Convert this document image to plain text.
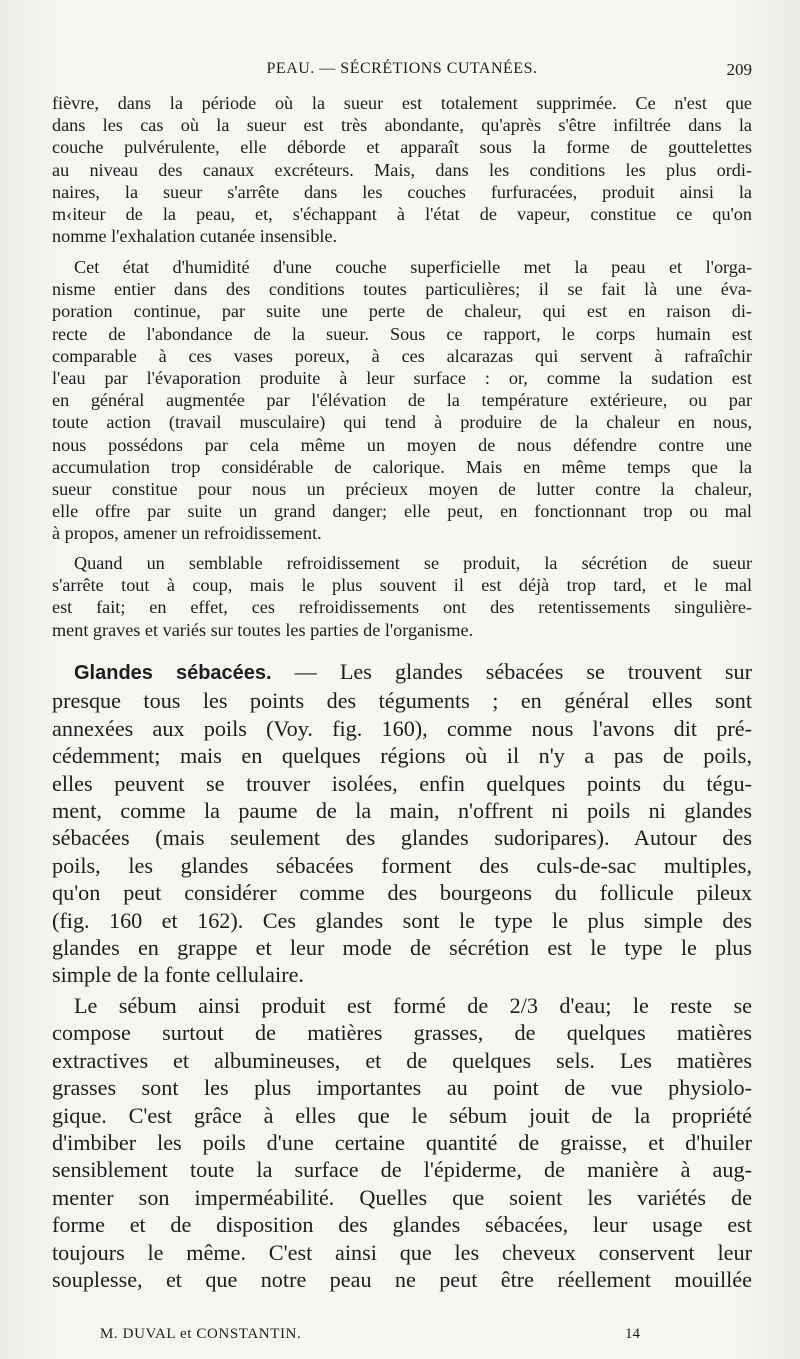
PEAU. — SÉCRÉTIONS CUTANÉES.	209
fièvre, dans la période où la sueur est totalement supprimée. Ce n'est que
dans les cas où la sueur est très abondante, qu'après s'être infiltrée dans la
couche pulvérulente, elle déborde et apparaît sous la forme de gouttelettes
au niveau des canaux excréteurs. Mais, dans les conditions les plus ordi-
naires, la sueur s'arrête dans les couches furfuracées, produit ainsi la
m‹iteur de la peau, et, s'échappant à l'état de vapeur, constitue ce qu'on
nomme l'exhalation cutanée insensible.
Cet état d'humidité d'une couche superficielle met la peau et l'orga-
nisme entier dans des conditions toutes particulières; il se fait là une éva-
poration continue, par suite une perte de chaleur, qui est en raison di-
recte de l'abondance de la sueur. Sous ce rapport, le corps humain est
comparable à ces vases poreux, à ces alcarazas qui servent à rafraîchir
l'eau par l'évaporation produite à leur surface : or, comme la sudation est
en général augmentée par l'élévation de la température extérieure, ou par
toute action (travail musculaire) qui tend à produire de la chaleur en nous,
nous possédons par cela même un moyen de nous défendre contre une
accumulation trop considérable de calorique. Mais en même temps que la
sueur constitue pour nous un précieux moyen de lutter contre la chaleur,
elle offre par suite un grand danger; elle peut, en fonctionnant trop ou mal
à propos, amener un refroidissement.
Quand un semblable refroidissement se produit, la sécrétion de sueur
s'arrête tout à coup, mais le plus souvent il est déjà trop tard, et le mal
est fait; en effet, ces refroidissements ont des retentissements singulière-
ment graves et variés sur toutes les parties de l'organisme.
Glandes sébacées. — Les glandes sébacées se trouvent sur
presque tous les points des téguments ; en général elles sont
annexées aux poils (Voy. fig. 160), comme nous l'avons dit pré-
cédemment; mais en quelques régions où il n'y a pas de poils,
elles peuvent se trouver isolées, enfin quelques points du tégu-
ment, comme la paume de la main, n'offrent ni poils ni glandes
sébacées (mais seulement des glandes sudoripares). Autour des
poils, les glandes sébacées forment des culs-de-sac multiples,
qu'on peut considérer comme des bourgeons du follicule pileux
(fig. 160 et 162). Ces glandes sont le type le plus simple des
glandes en grappe et leur mode de sécrétion est le type le plus
simple de la fonte cellulaire.
Le sébum ainsi produit est formé de 2/3 d'eau; le reste se
compose surtout de matières grasses, de quelques matières
extractives et albumineuses, et de quelques sels. Les matières
grasses sont les plus importantes au point de vue physiolo-
gique. C'est grâce à elles que le sébum jouit de la propriété
d'imbiber les poils d'une certaine quantité de graisse, et d'huiler
sensiblement toute la surface de l'épiderme, de manière à aug-
menter son imperméabilité. Quelles que soient les variétés de
forme et de disposition des glandes sébacées, leur usage est
toujours le même. C'est ainsi que les cheveux conservent leur
souplesse, et que notre peau ne peut être réellement mouillée
M. DUVAL et CONSTANTIN.	14
